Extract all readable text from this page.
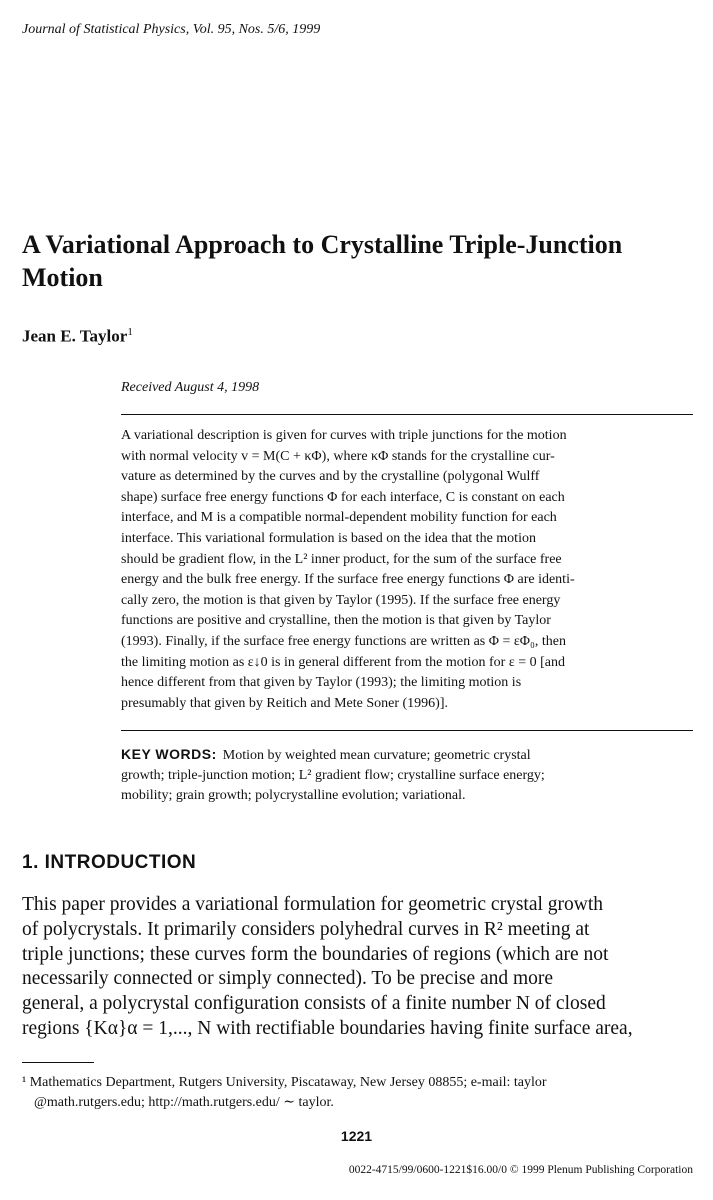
Journal of Statistical Physics, Vol. 95, Nos. 5/6, 1999
A Variational Approach to Crystalline Triple-Junction Motion
Jean E. Taylor$^1$
Received August 4, 1998
A variational description is given for curves with triple junctions for the motion
with normal velocity v = M(C + κΦ), where κΦ stands for the crystalline cur-
vature as determined by the curves and by the crystalline (polygonal Wulff
shape) surface free energy functions Φ for each interface, C is constant on each
interface, and M is a compatible normal-dependent mobility function for each
interface. This variational formulation is based on the idea that the motion
should be gradient flow, in the L² inner product, for the sum of the surface free
energy and the bulk free energy. If the surface free energy functions Φ are identi-
cally zero, the motion is that given by Taylor (1995). If the surface free energy
functions are positive and crystalline, then the motion is that given by Taylor
(1993). Finally, if the surface free energy functions are written as Φ = εΦ₀, then
the limiting motion as ε↓0 is in general different from the motion for ε = 0 [and
hence different from that given by Taylor (1993); the limiting motion is
presumably that given by Reitich and Mete Soner (1996)].
KEY WORDS: Motion by weighted mean curvature; geometric crystal
growth; triple-junction motion; L² gradient flow; crystalline surface energy;
mobility; grain growth; polycrystalline evolution; variational.
1. INTRODUCTION
This paper provides a variational formulation for geometric crystal growth
of polycrystals. It primarily considers polyhedral curves in R² meeting at
triple junctions; these curves form the boundaries of regions (which are not
necessarily connected or simply connected). To be precise and more
general, a polycrystal configuration consists of a finite number N of closed
regions {Kα}α = 1,..., N with rectifiable boundaries having finite surface area,
¹ Mathematics Department, Rutgers University, Piscataway, New Jersey 08855; e-mail: taylor
@math.rutgers.edu; http://math.rutgers.edu/ ∼ taylor.
1221
0022-4715/99/0600-1221$16.00/0 © 1999 Plenum Publishing Corporation
